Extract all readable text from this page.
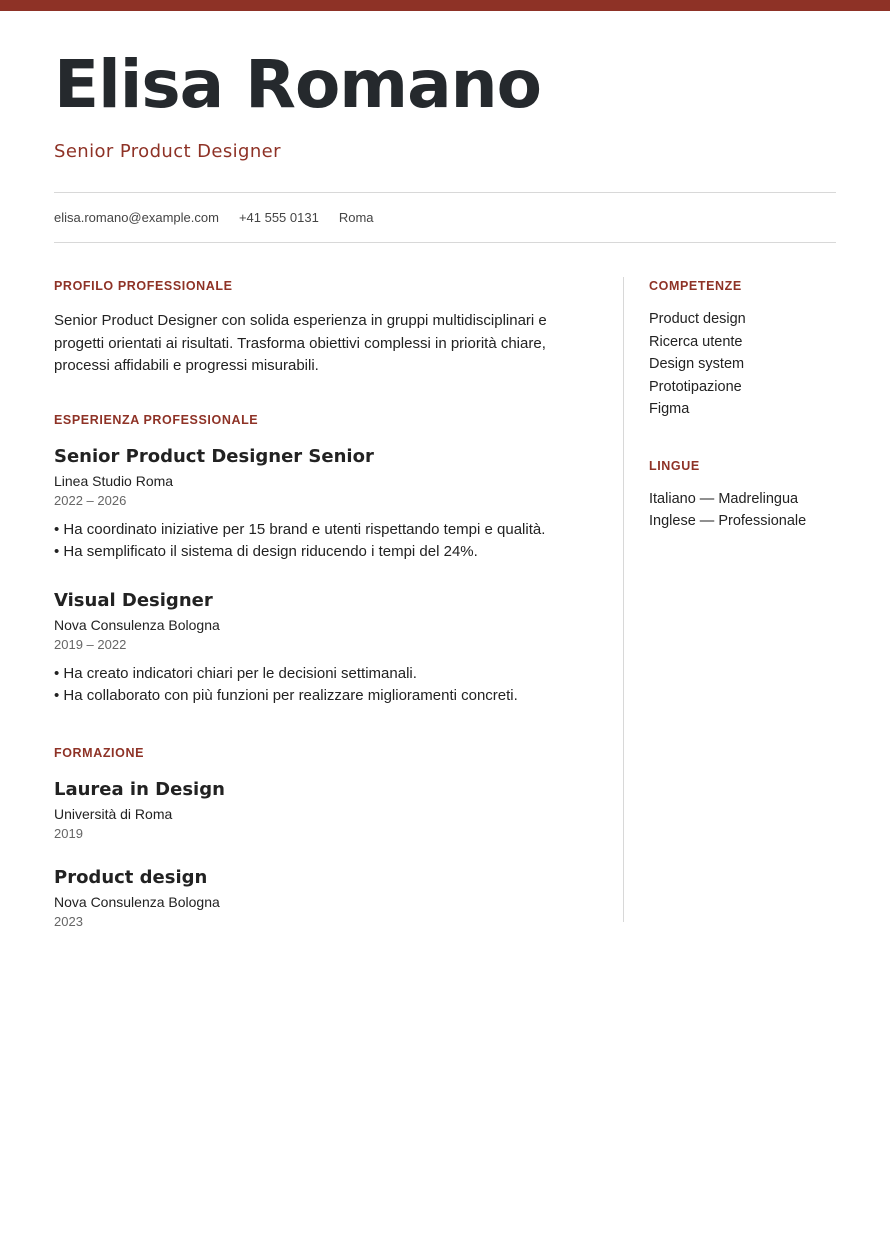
Elisa Romano
Senior Product Designer
elisa.romano@example.com +41 555 0131 Roma
PROFILO PROFESSIONALE

Senior Product Designer con solida esperienza in gruppi multidisciplinari e progetti orientati ai risultati. Trasforma obiettivi complessi in priorità chiare, processi affidabili e progressi misurabili.

ESPERIENZA PROFESSIONALE
Senior Product Designer Senior
Linea Studio Roma
2022 – 2026
• Ha coordinato iniziative per 15 brand e utenti rispettando tempi e qualità.
• Ha semplificato il sistema di design riducendo i tempi del 24%.
Visual Designer
Nova Consulenza Bologna
2019 – 2022
• Ha creato indicatori chiari per le decisioni settimanali.
• Ha collaborato con più funzioni per realizzare miglioramenti concreti.
FORMAZIONE
Laurea in Design
Università di Roma
2019
Product design
Nova Consulenza Bologna
2023
COMPETENZE
Product design
Ricerca utente
Design system
Prototipazione
Figma
LINGUE
Italiano — Madrelingua
Inglese — Professionale
